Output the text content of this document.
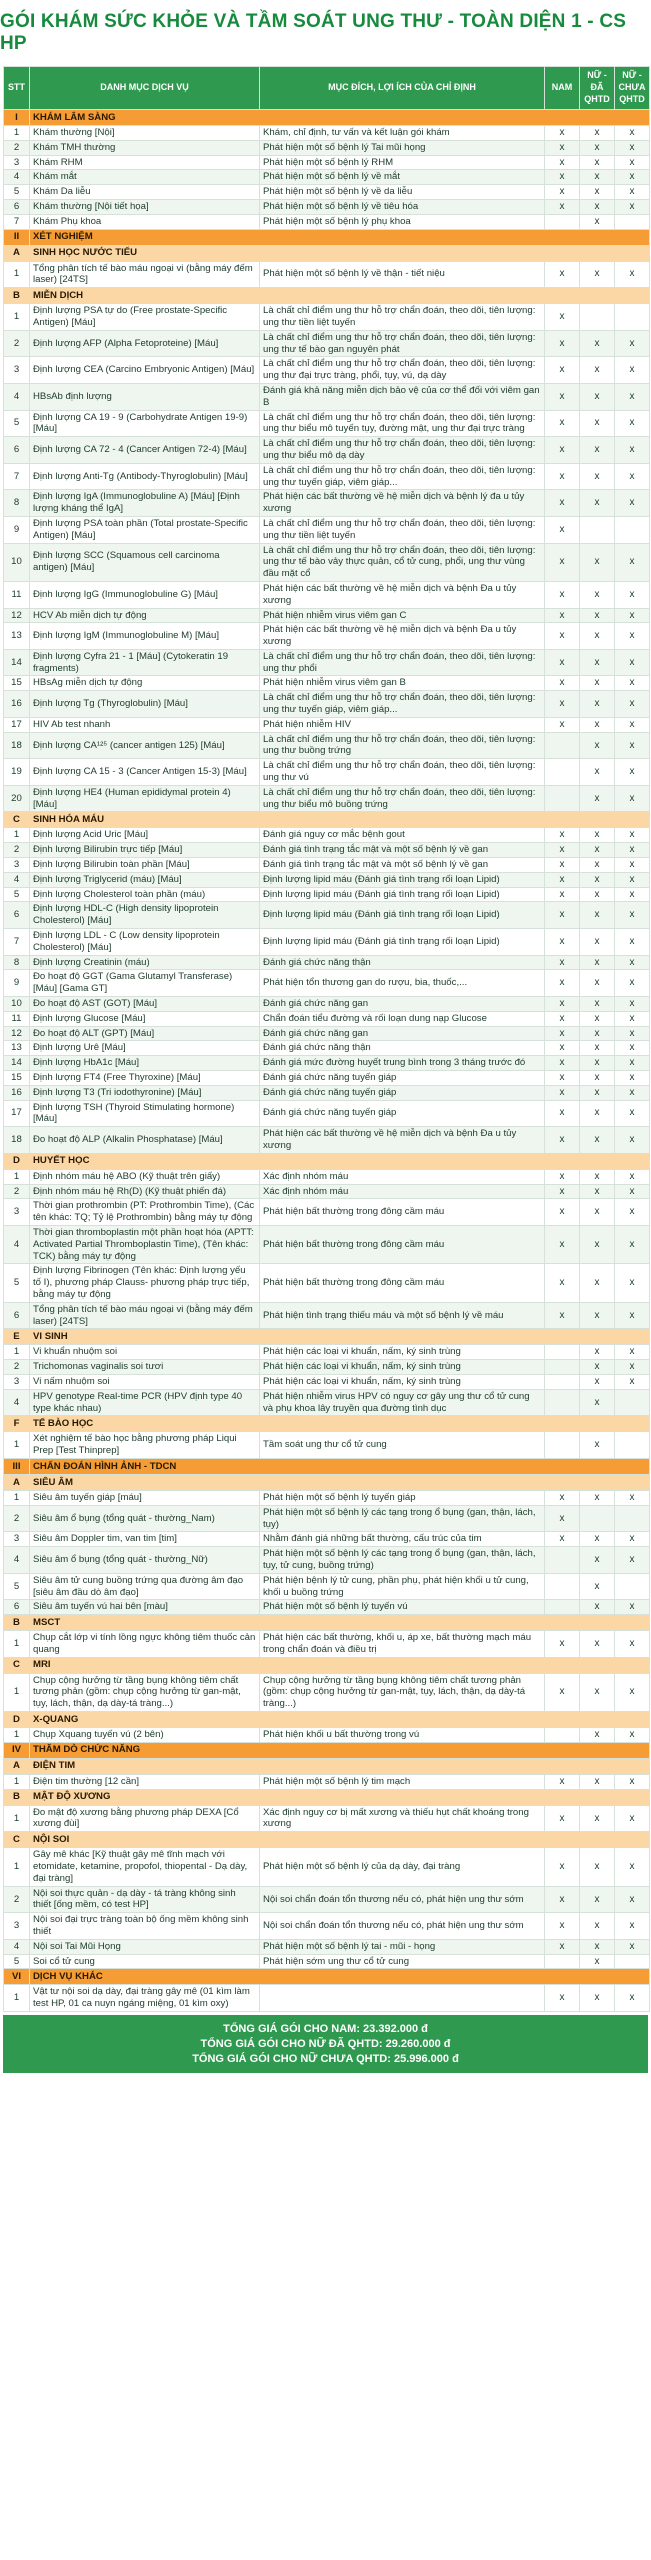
GÓI KHÁM SỨC KHỎE VÀ TẦM SOÁT UNG THƯ - TOÀN DIỆN 1 - CS HP
STT	DANH MỤC DỊCH VỤ	MỤC ĐÍCH, LỢI ÍCH CỦA CHỈ ĐỊNH	NAM	NỮ - ĐÃ QHTD	NỮ - CHƯA QHTD
I	KHÁM LÂM SÀNG				
1	Khám thường [Nội]	Khám, chỉ định, tư vấn và kết luận gói khám	x	x	x
2	Khám TMH thường	Phát hiện một số bệnh lý Tai mũi họng	x	x	x
3	Khám RHM	Phát hiện một số bệnh lý RHM	x	x	x
4	Khám mắt	Phát hiện một số bệnh lý về mắt	x	x	x
5	Khám Da liễu	Phát hiện một số bệnh lý về da liễu	x	x	x
6	Khám thường [Nội tiết họa]	Phát hiện một số bệnh lý về tiêu hóa	x	x	x
7	Khám Phụ khoa	Phát hiện một số bệnh lý phụ khoa		x	
II	XÉT NGHIỆM				
A	SINH HỌC NƯỚC TIỂU				
1	Tổng phân tích tế bào máu ngoại vi (bằng máy đếm laser) [24TS]	Phát hiện một số bệnh lý về thận - tiết niệu	x	x	x
B	MIỄN DỊCH				
1	Định lượng PSA tự do (Free prostate-Specific Antigen) [Máu]	Là chất chỉ điểm ung thư hỗ trợ chẩn đoán, theo dõi, tiên lượng: ung thư tiền liệt tuyến	x		
2	Định lượng AFP (Alpha Fetoproteine) [Máu]	Là chất chỉ điểm ung thư hỗ trợ chẩn đoán, theo dõi, tiên lượng: ung thư tế bào gan nguyên phát	x	x	x
3	Định lượng CEA (Carcino Embryonic Antigen) [Máu]	Là chất chỉ điểm ung thư hỗ trợ chẩn đoán, theo dõi, tiên lượng: ung thư đại trực tràng, phổi, tụy, vú, dạ dày	x	x	x
4	HBsAb định lượng	Đánh giá khả năng miễn dịch bảo vệ của cơ thể đối với viêm gan B	x	x	x
5	Định lượng CA 19 - 9 (Carbohydrate Antigen 19-9) [Máu]	Là chất chỉ điểm ung thư hỗ trợ chẩn đoán, theo dõi, tiên lượng: ung thư biểu mô tuyến tụy, đường mật, ung thư đại trực tràng	x	x	x
6	Định lượng CA 72 - 4 (Cancer Antigen 72-4) [Máu]	Là chất chỉ điểm ung thư hỗ trợ chẩn đoán, theo dõi, tiên lượng: ung thư biểu mô dạ dày	x	x	x
7	Định lượng Anti-Tg (Antibody-Thyroglobulin) [Máu]	Là chất chỉ điểm ung thư hỗ trợ chẩn đoán, theo dõi, tiên lượng: ung thư tuyến giáp, viêm giáp...	x	x	x
8	Định lượng IgA (Immunoglobuline A) [Máu] [Định lượng kháng thể IgA]	Phát hiện các bất thường về hệ miễn dịch và bệnh lý đa u tủy xương	x	x	x
9	Định lượng PSA toàn phần (Total prostate-Specific Antigen) [Máu]	Là chất chỉ điểm ung thư hỗ trợ chẩn đoán, theo dõi, tiên lượng: ung thư tiền liệt tuyến	x		
10	Định lượng SCC (Squamous cell carcinoma antigen) [Máu]	Là chất chỉ điểm ung thư hỗ trợ chẩn đoán, theo dõi, tiên lượng: ung thư tế bào vảy thực quản, cổ tử cung, phổi, ung thư vùng đầu mặt cổ	x	x	x
11	Định lượng IgG (Immunoglobuline G) [Máu]	Phát hiện các bất thường về hệ miễn dịch và bệnh Đa u tủy xương	x	x	x
12	HCV Ab miễn dịch tự động	Phát hiện nhiễm virus viêm gan C	x	x	x
13	Định lượng IgM (Immunoglobuline M) [Máu]	Phát hiện các bất thường về hệ miễn dịch và bệnh Đa u tủy xương	x	x	x
14	Định lượng Cyfra 21 - 1 [Máu] (Cytokeratin 19 fragments)	Là chất chỉ điểm ung thư hỗ trợ chẩn đoán, theo dõi, tiên lượng: ung thư phổi	x	x	x
15	HBsAg miễn dịch tự động	Phát hiện nhiễm virus viêm gan B	x	x	x
16	Định lượng Tg (Thyroglobulin) [Máu]	Là chất chỉ điểm ung thư hỗ trợ chẩn đoán, theo dõi, tiên lượng: ung thư tuyến giáp, viêm giáp...	x	x	x
17	HIV Ab test nhanh	Phát hiện nhiễm HIV	x	x	x
18	Định lượng CA¹²⁵ (cancer antigen 125) [Máu]	Là chất chỉ điểm ung thư hỗ trợ chẩn đoán, theo dõi, tiên lượng: ung thư buồng trứng		x	x
19	Định lượng CA 15 - 3 (Cancer Antigen 15-3) [Máu]	Là chất chỉ điểm ung thư hỗ trợ chẩn đoán, theo dõi, tiên lượng: ung thư vú		x	x
20	Định lượng HE4 (Human epididymal protein 4) [Máu]	Là chất chỉ điểm ung thư hỗ trợ chẩn đoán, theo dõi, tiên lượng: ung thư biểu mô buồng trứng		x	x
C	SINH HÓA MÁU				
1	Định lượng Acid Uric [Máu]	Đánh giá nguy cơ mắc bệnh gout	x	x	x
2	Định lượng Bilirubin trực tiếp [Máu]	Đánh giá tình trạng tắc mật và một số bệnh lý về gan	x	x	x
3	Định lượng Bilirubin toàn phần [Máu]	Đánh giá tình trạng tắc mật và một số bệnh lý về gan	x	x	x
4	Định lượng Triglycerid (máu) [Máu]	Định lượng lipid máu (Đánh giá tình trạng rối loạn Lipid)	x	x	x
5	Định lượng Cholesterol toàn phần (máu)	Định lượng lipid máu (Đánh giá tình trạng rối loạn Lipid)	x	x	x
6	Định lượng HDL-C (High density lipoprotein Cholesterol) [Máu]	Định lượng lipid máu (Đánh giá tình trạng rối loạn Lipid)	x	x	x
7	Định lượng LDL - C (Low density lipoprotein Cholesterol) [Máu]	Định lượng lipid máu (Đánh giá tình trạng rối loạn Lipid)	x	x	x
8	Định lượng Creatinin (máu)	Đánh giá chức năng thận	x	x	x
9	Đo hoạt độ GGT (Gama Glutamyl Transferase) [Máu] [Gama GT]	Phát hiện tổn thương gan do rượu, bia, thuốc,...	x	x	x
10	Đo hoạt độ AST (GOT) [Máu]	Đánh giá chức năng gan	x	x	x
11	Định lượng Glucose [Máu]	Chẩn đoán tiểu đường và rối loạn dung nạp Glucose	x	x	x
12	Đo hoạt độ ALT (GPT) [Máu]	Đánh giá chức năng gan	x	x	x
13	Định lượng Urê [Máu]	Đánh giá chức năng thận	x	x	x
14	Định lượng HbA1c [Máu]	Đánh giá mức đường huyết trung bình trong 3 tháng trước đó	x	x	x
15	Định lượng FT4 (Free Thyroxine) [Máu]	Đánh giá chức năng tuyến giáp	x	x	x
16	Định lượng T3 (Tri iodothyronine) [Máu]	Đánh giá chức năng tuyến giáp	x	x	x
17	Định lượng TSH (Thyroid Stimulating hormone) [Máu]	Đánh giá chức năng tuyến giáp	x	x	x
18	Đo hoạt độ ALP (Alkalin Phosphatase) [Máu]	Phát hiện các bất thường về hệ miễn dịch và bệnh Đa u tủy xương	x	x	x
D	HUYẾT HỌC				
1	Định nhóm máu hệ ABO (Kỹ thuật trên giấy)	Xác định nhóm máu	x	x	x
2	Định nhóm máu hệ Rh(D) (Kỹ thuật phiến đá)	Xác định nhóm máu	x	x	x
3	Thời gian prothrombin (PT: Prothrombin Time), (Các tên khác: TQ; Tỷ lệ Prothrombin) bằng máy tự động	Phát hiện bất thường trong đông cầm máu	x	x	x
4	Thời gian thromboplastin một phần hoạt hóa (APTT: Activated Partial Thromboplastin Time), (Tên khác: TCK) bằng máy tự động	Phát hiện bất thường trong đông cầm máu	x	x	x
5	Định lượng Fibrinogen (Tên khác: Định lượng yếu tố I), phương pháp Clauss- phương pháp trực tiếp, bằng máy tự động	Phát hiện bất thường trong đông cầm máu	x	x	x
6	Tổng phân tích tế bào máu ngoại vi (bằng máy đếm laser) [24TS]	Phát hiện tình trạng thiếu máu và một số bệnh lý về máu	x	x	x
E	VI SINH				
1	Vi khuẩn nhuộm soi	Phát hiện các loại vi khuẩn, nấm, ký sinh trùng		x	x
2	Trichomonas vaginalis soi tươi	Phát hiện các loại vi khuẩn, nấm, ký sinh trùng		x	x
3	Vi nấm nhuộm soi	Phát hiện các loại vi khuẩn, nấm, ký sinh trùng		x	x
4	HPV genotype Real-time PCR (HPV định type 40 type khác nhau)	Phát hiện nhiễm virus HPV có nguy cơ gây ung thư cổ tử cung và phụ khoa lây truyền qua đường tình dục		x	
F	TẾ BÀO HỌC				
1	Xét nghiệm tế bào học bằng phương pháp Liqui Prep [Test Thinprep]	Tầm soát ung thư cổ tử cung		x	
III	CHẨN ĐOÁN HÌNH ẢNH - TDCN				
A	SIÊU ÂM				
1	Siêu âm tuyến giáp [máu]	Phát hiện một số bệnh lý tuyến giáp	x	x	x
2	Siêu âm ổ bụng (tổng quát - thường_Nam)	Phát hiện một số bệnh lý các tạng trong ổ bụng (gan, thận, lách, tụy)	x		
3	Siêu âm Doppler tim, van tim [tim]	Nhằm đánh giá những bất thường, cấu trúc của tim	x	x	x
4	Siêu âm ổ bụng (tổng quát - thường_Nữ)	Phát hiện một số bệnh lý các tạng trong ổ bụng (gan, thận, lách, tụy, tử cung, buồng trứng)		x	x
5	Siêu âm tử cung buồng trứng qua đường âm đạo [siêu âm đầu dò âm đạo]	Phát hiện bệnh lý tử cung, phần phụ, phát hiện khối u tử cung, khối u buồng trứng		x	
6	Siêu âm tuyến vú hai bên [màu]	Phát hiện một số bệnh lý tuyến vú		x	x
B	MSCT				
1	Chụp cắt lớp vi tính lồng ngực không tiêm thuốc cản quang	Phát hiện các bất thường, khối u, áp xe, bất thường mạch máu trong chẩn đoán và điều trị	x	x	x
C	MRI				
1	Chụp cộng hưởng từ tầng bụng không tiêm chất tương phản (gồm: chụp cộng hưởng từ gan-mật, tụy, lách, thận, dạ dày-tá tràng...)	Chụp cộng hưởng từ tầng bụng không tiêm chất tương phản (gồm: chụp cộng hưởng từ gan-mật, tụy, lách, thận, dạ dày-tá tràng...)	x	x	x
D	X-QUANG				
1	Chụp Xquang tuyến vú (2 bên)	Phát hiện khối u bất thường trong vú		x	x
IV	THĂM DÒ CHỨC NĂNG				
A	ĐIỆN TIM				
1	Điện tim thường [12 cần]	Phát hiện một số bệnh lý tim mạch	x	x	x
B	MẬT ĐỘ XƯƠNG				
1	Đo mật độ xương bằng phương pháp DEXA [Cổ xương đùi]	Xác định nguy cơ bị mất xương và thiếu hụt chất khoáng trong xương	x	x	x
C	NỘI SOI				
1	Gây mê khác [Kỹ thuật gây mê tĩnh mạch với etomidate, ketamine, propofol, thiopental - Dạ dày, đại tràng]	Phát hiện một số bệnh lý của dạ dày, đại tràng	x	x	x
2	Nội soi thực quản - dạ dày - tá tràng không sinh thiết [ống mềm, có test HP]	Nội soi chẩn đoán tổn thương nếu có, phát hiện ung thư sớm	x	x	x
3	Nội soi đại trực tràng toàn bộ ống mềm không sinh thiết	Nội soi chẩn đoán tổn thương nếu có, phát hiện ung thư sớm	x	x	x
4	Nội soi Tai Mũi Họng	Phát hiện một số bệnh lý tai - mũi - họng	x	x	x
5	Soi cổ tử cung	Phát hiện sớm ung thư cổ tử cung		x	
VI	DỊCH VỤ KHÁC				
1	Vật tư nội soi dạ dày, đại tràng gây mê (01 kìm làm test HP, 01 ca nuyn ngáng miệng, 01 kìm oxy)		x	x	x
TỔNG GIÁ GÓI CHO NAM: 23.392.000 đ
TỔNG GIÁ GÓI CHO NỮ ĐÃ QHTD: 29.260.000 đ
TỔNG GIÁ GÓI CHO NỮ CHƯA QHTD: 25.996.000 đ
